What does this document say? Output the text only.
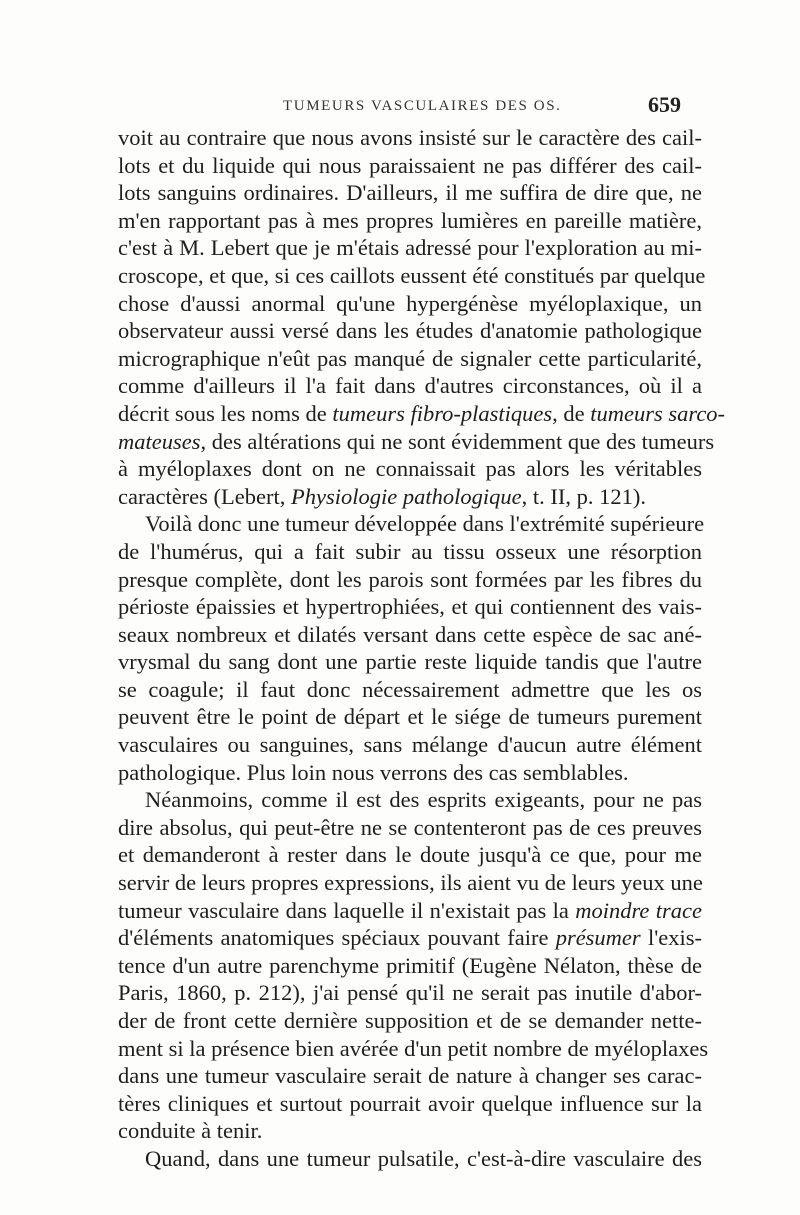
TUMEURS VASCULAIRES DES OS.	659
voit au contraire que nous avons insisté sur le caractère des cail-
lots et du liquide qui nous paraissaient ne pas différer des cail-
lots sanguins ordinaires. D'ailleurs, il me suffira de dire que, ne
m'en rapportant pas à mes propres lumières en pareille matière,
c'est à M. Lebert que je m'étais adressé pour l'exploration au mi-
croscope, et que, si ces caillots eussent été constitués par quelque
chose d'aussi anormal qu'une hypergénèse myéloplaxique, un
observateur aussi versé dans les études d'anatomie pathologique
micrographique n'eût pas manqué de signaler cette particularité,
comme d'ailleurs il l'a fait dans d'autres circonstances, où il a
décrit sous les noms de tumeurs fibro-plastiques, de tumeurs sarco-
mateuses, des altérations qui ne sont évidemment que des tumeurs
à myéloplaxes dont on ne connaissait pas alors les véritables
caractères (Lebert, Physiologie pathologique, t. II, p. 121).
Voilà donc une tumeur développée dans l'extrémité supérieure
de l'humérus, qui a fait subir au tissu osseux une résorption
presque complète, dont les parois sont formées par les fibres du
périoste épaissies et hypertrophiées, et qui contiennent des vais-
seaux nombreux et dilatés versant dans cette espèce de sac ané-
vrysmal du sang dont une partie reste liquide tandis que l'autre
se coagule; il faut donc nécessairement admettre que les os
peuvent être le point de départ et le siége de tumeurs purement
vasculaires ou sanguines, sans mélange d'aucun autre élément
pathologique. Plus loin nous verrons des cas semblables.
Néanmoins, comme il est des esprits exigeants, pour ne pas
dire absolus, qui peut-être ne se contenteront pas de ces preuves
et demanderont à rester dans le doute jusqu'à ce que, pour me
servir de leurs propres expressions, ils aient vu de leurs yeux une
tumeur vasculaire dans laquelle il n'existait pas la moindre trace
d'éléments anatomiques spéciaux pouvant faire présumer l'exis-
tence d'un autre parenchyme primitif (Eugène Nélaton, thèse de
Paris, 1860, p. 212), j'ai pensé qu'il ne serait pas inutile d'abor-
der de front cette dernière supposition et de se demander nette-
ment si la présence bien avérée d'un petit nombre de myéloplaxes
dans une tumeur vasculaire serait de nature à changer ses carac-
tères cliniques et surtout pourrait avoir quelque influence sur la
conduite à tenir.
Quand, dans une tumeur pulsatile, c'est-à-dire vasculaire des
